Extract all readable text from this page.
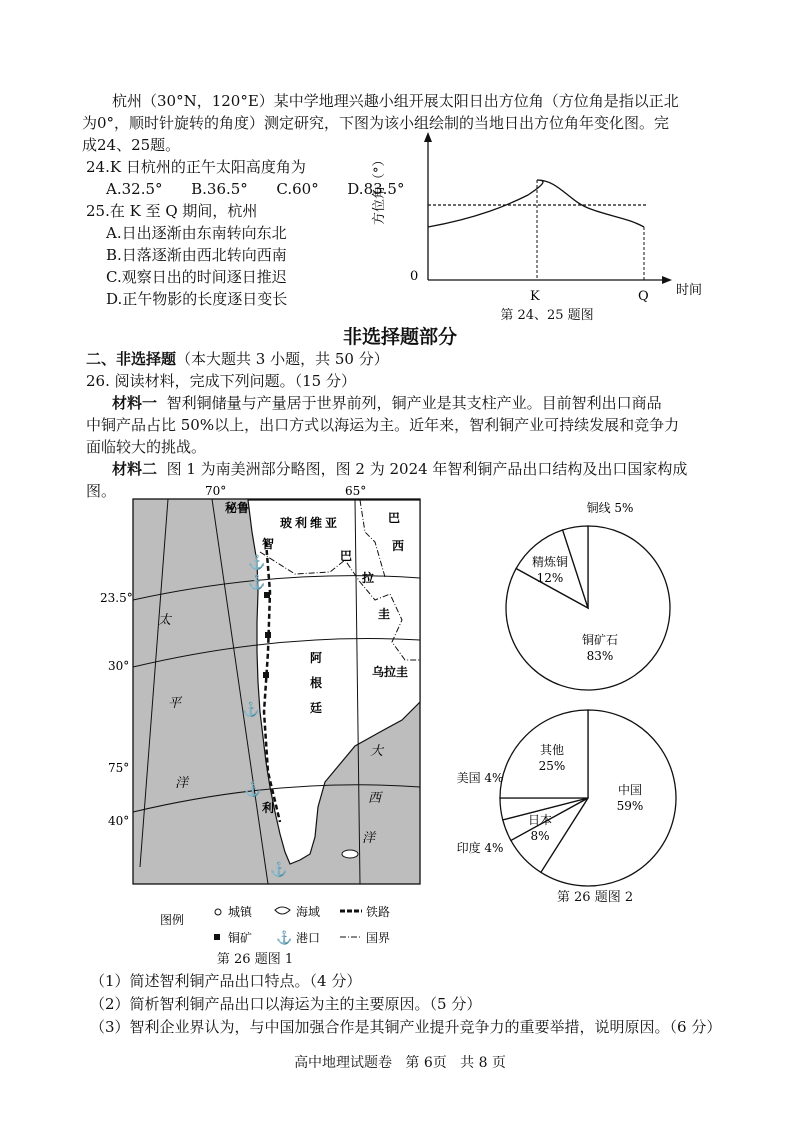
杭州（30°N，120°E）某中学地理兴趣小组开展太阳日出方位角（方位角是指以正北
为0°，顺时针旋转的角度）测定研究，下图为该小组绘制的当地日出方位角年变化图。完
成24、25题。
24.K 日杭州的正午太阳高度角为
A.32.5°      B.36.5°      C.60°      D.83.5°
25.在 K 至 Q 期间，杭州
A.日出逐渐由东南转向东北
B.日落逐渐由西北转向西南
C.观察日出的时间逐日推迟
D.正午物影的长度逐日变长
0
K	Q 时间
方位角（°）
第 24、25 题图
非选择题部分
二、非选择题（本大题共 3 小题，共 50 分）
26. 阅读材料，完成下列问题。（15 分）
材料一 智利铜储量与产量居于世界前列，铜产业是其支柱产业。目前智利出口商品
中铜产品占比 50%以上，出口方式以海运为主。近年来，智利铜产业可持续发展和竞争力
面临较大的挑战。
材料二 图 1 为南美洲部分略图，图 2 为 2024 年智利铜产品出口结构及出口国家构成
图。
⚓
⚓
⚓
⚓
⚓
70°	65°
23.5°
30°
75°
40°
秘鲁
玻利维亚	巴
西
巴
拉
圭
智
利
阿
根
廷
乌拉圭
太
平
洋
大
西
洋
图例
城镇	海域	铁路
铜矿 ⚓ 港口	国界
第 26 题图 1
铜矿石
83%
精炼铜
12%
铜线 5%
中国
59%
日本
8%
印度 4%
美国 4%
其他
25%
第 26 题图 2
（1）简述智利铜产品出口特点。（4 分）
（2）简析智利铜产品出口以海运为主的主要原因。（5 分）
（3）智利企业界认为，与中国加强合作是其铜产业提升竞争力的重要举措，说明原因。（6 分）
高中地理试题卷   第 6页   共 8 页
